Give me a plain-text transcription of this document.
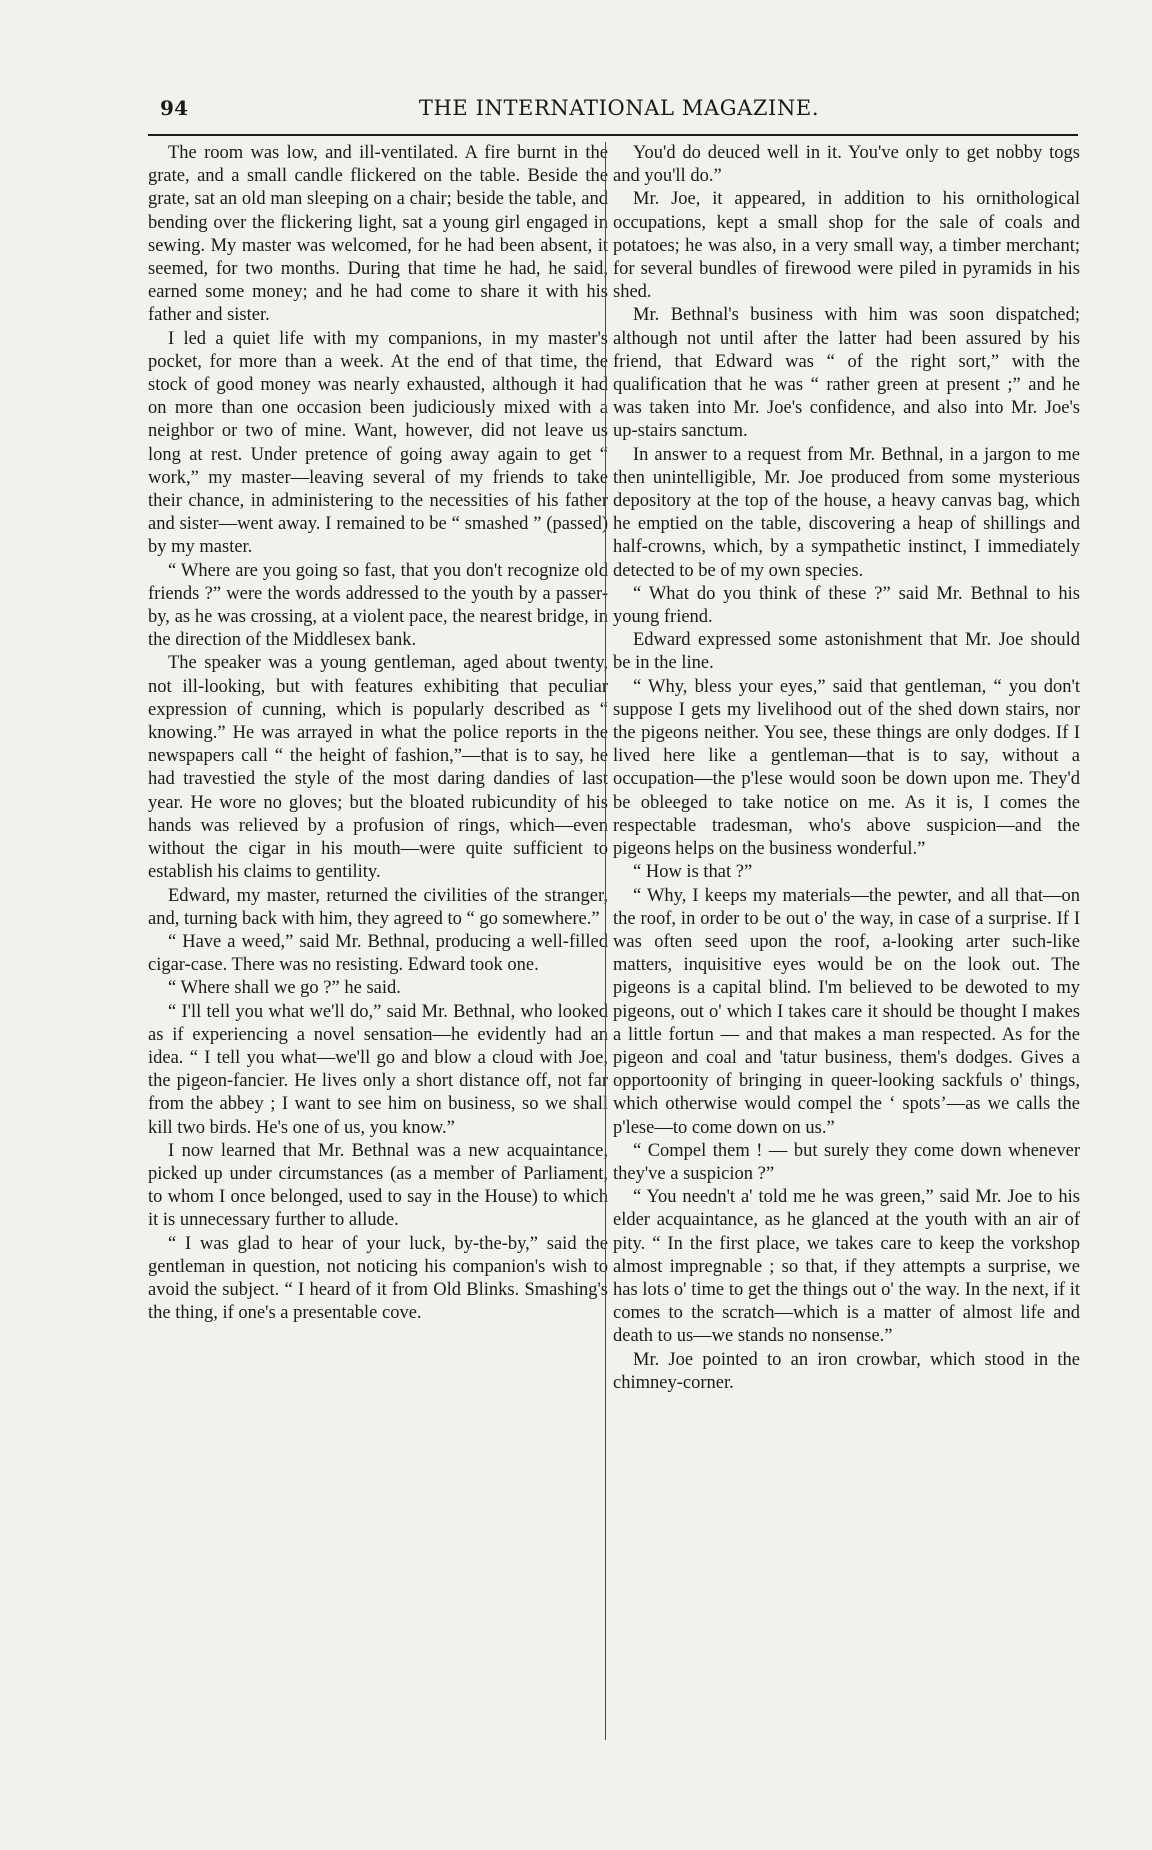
94	THE INTERNATIONAL MAGAZINE.

The room was low, and ill-ventilated. A fire burnt in the grate, and a small candle flickered on the table. Beside the grate, sat an old man sleeping on a chair; beside the table, and bending over the flickering light, sat a young girl engaged in sewing. My master was welcomed, for he had been absent, it seemed, for two months. During that time he had, he said, earned some money; and he had come to share it with his father and sister.

I led a quiet life with my companions, in my master's pocket, for more than a week. At the end of that time, the stock of good money was nearly exhausted, although it had on more than one occasion been judiciously mixed with a neighbor or two of mine. Want, however, did not leave us long at rest. Under pretence of going away again to get “ work,” my master—leaving several of my friends to take their chance, in administering to the necessities of his father and sister—went away. I remained to be “ smashed ” (passed) by my master.

“ Where are you going so fast, that you don't recognize old friends ?” were the words addressed to the youth by a passer-by, as he was crossing, at a violent pace, the nearest bridge, in the direction of the Middlesex bank.

The speaker was a young gentleman, aged about twenty, not ill-looking, but with features exhibiting that peculiar expression of cunning, which is popularly described as “ knowing.” He was arrayed in what the police reports in the newspapers call “ the height of fashion,”—that is to say, he had travestied the style of the most daring dandies of last year. He wore no gloves; but the bloated rubicundity of his hands was relieved by a profusion of rings, which—even without the cigar in his mouth—were quite sufficient to establish his claims to gentility.

Edward, my master, returned the civilities of the stranger, and, turning back with him, they agreed to “ go somewhere.”

“ Have a weed,” said Mr. Bethnal, producing a well-filled cigar-case. There was no resisting. Edward took one.

“ Where shall we go ?” he said.

“ I'll tell you what we'll do,” said Mr. Bethnal, who looked as if experiencing a novel sensation—he evidently had an idea. “ I tell you what—we'll go and blow a cloud with Joe, the pigeon-fancier. He lives only a short distance off, not far from the abbey ; I want to see him on business, so we shall kill two birds. He's one of us, you know.”

I now learned that Mr. Bethnal was a new acquaintance, picked up under circumstances (as a member of Parliament, to whom I once belonged, used to say in the House) to which it is unnecessary further to allude.

“ I was glad to hear of your luck, by-the-by,” said the gentleman in question, not noticing his companion's wish to avoid the subject. “ I heard of it from Old Blinks. Smashing's the thing, if one's a presentable cove.

You'd do deuced well in it. You've only to get nobby togs and you'll do.”

Mr. Joe, it appeared, in addition to his ornithological occupations, kept a small shop for the sale of coals and potatoes; he was also, in a very small way, a timber merchant; for several bundles of firewood were piled in pyramids in his shed.

Mr. Bethnal's business with him was soon dispatched; although not until after the latter had been assured by his friend, that Edward was “ of the right sort,” with the qualification that he was “ rather green at present ;” and he was taken into Mr. Joe's confidence, and also into Mr. Joe's up-stairs sanctum.

In answer to a request from Mr. Bethnal, in a jargon to me then unintelligible, Mr. Joe produced from some mysterious depository at the top of the house, a heavy canvas bag, which he emptied on the table, discovering a heap of shillings and half-crowns, which, by a sympathetic instinct, I immediately detected to be of my own species.

“ What do you think of these ?” said Mr. Bethnal to his young friend.

Edward expressed some astonishment that Mr. Joe should be in the line.

“ Why, bless your eyes,” said that gentleman, “ you don't suppose I gets my livelihood out of the shed down stairs, nor the pigeons neither. You see, these things are only dodges. If I lived here like a gentleman—that is to say, without a occupation—the p'lese would soon be down upon me. They'd be obleeged to take notice on me. As it is, I comes the respectable tradesman, who's above suspicion—and the pigeons helps on the business wonderful.”

“ How is that ?”

“ Why, I keeps my materials—the pewter, and all that—on the roof, in order to be out o' the way, in case of a surprise. If I was often seed upon the roof, a-looking arter such-like matters, inquisitive eyes would be on the look out. The pigeons is a capital blind. I'm believed to be dewoted to my pigeons, out o' which I takes care it should be thought I makes a little fortun — and that makes a man respected. As for the pigeon and coal and 'tatur business, them's dodges. Gives a opportoonity of bringing in queer-looking sackfuls o' things, which otherwise would compel the ‘ spots’—as we calls the p'lese—to come down on us.”

“ Compel them ! — but surely they come down whenever they've a suspicion ?”

“ You needn't a' told me he was green,” said Mr. Joe to his elder acquaintance, as he glanced at the youth with an air of pity. “ In the first place, we takes care to keep the vorkshop almost impregnable ; so that, if they attempts a surprise, we has lots o' time to get the things out o' the way. In the next, if it comes to the scratch—which is a matter of almost life and death to us—we stands no nonsense.”

Mr. Joe pointed to an iron crowbar, which stood in the chimney-corner.
